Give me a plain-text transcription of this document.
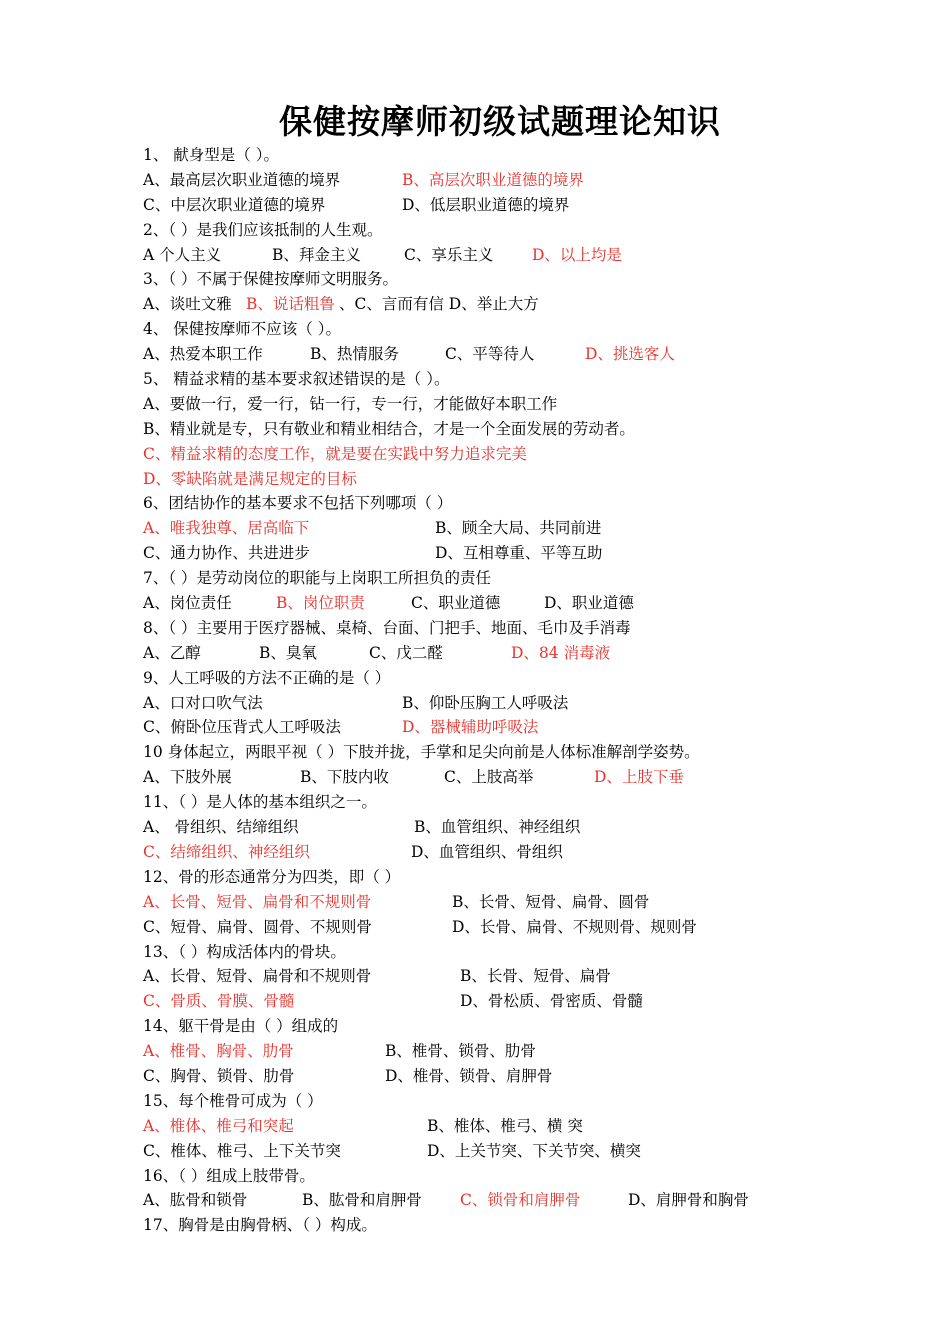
保健按摩师初级试题理论知识
1、 献身型是（ ）。
A、最高层次职业道德的境界	B、高层次职业道德的境界
C、中层次职业道德的境界	D、低层职业道德的境界
2、（ ）是我们应该抵制的人生观。
A 个人主义	B、拜金主义	C、享乐主义 D、以上均是
3、（ ）不属于保健按摩师文明服务。
A、谈吐文雅 B、说话粗鲁 、C、言而有信 D、举止大方
4、 保健按摩师不应该（ ）。
A、热爱本职工作	B、热情服务	C、平等待人	D、挑选客人
5、 精益求精的基本要求叙述错误的是（ ）。
A、要做一行，爱一行，钻一行，专一行，才能做好本职工作
B、精业就是专，只有敬业和精业相结合，才是一个全面发展的劳动者。
C、精益求精的态度工作，就是要在实践中努力追求完美
D、零缺陷就是满足规定的目标
6、团结协作的基本要求不包括下列哪项（ ）
A、唯我独尊、居高临下	B、顾全大局、共同前进
C、通力协作、共进进步	D、互相尊重、平等互助
7、（ ）是劳动岗位的职能与上岗职工所担负的责任
A、岗位责任	B、岗位职责	C、职业道德	D、职业道德
8、（ ）主要用于医疗器械、桌椅、台面、门把手、地面、毛巾及手消毒
A、乙醇	B、臭氧	C、戊二醛	D、84 消毒液
9、人工呼吸的方法不正确的是（ ）
A、口对口吹气法	B、仰卧压胸工人呼吸法
C、俯卧位压背式人工呼吸法	D、器械辅助呼吸法
10 身体起立，两眼平视（ ）下肢并拢，手掌和足尖向前是人体标准解剖学姿势。
A、下肢外展	B、下肢内收	C、上肢高举	D、上肢下垂
11、（ ）是人体的基本组织之一。
A、 骨组织、结缔组织	B、血管组织、神经组织
C、结缔组织、神经组织	D、血管组织、骨组织
12、骨的形态通常分为四类，即（ ）
A、长骨、短骨、扁骨和不规则骨	B、长骨、短骨、扁骨、圆骨
C、短骨、扁骨、圆骨、不规则骨	D、长骨、扁骨、不规则骨、规则骨
13、（ ）构成活体内的骨块。
A、长骨、短骨、扁骨和不规则骨	B、长骨、短骨、扁骨
C、骨质、骨膜、骨髓	D、骨松质、骨密质、骨髓
14、躯干骨是由（ ）组成的
A、椎骨、胸骨、肋骨	B、椎骨、锁骨、肋骨
C、胸骨、锁骨、肋骨	D、椎骨、锁骨、肩胛骨
15、每个椎骨可成为（ ）
A、椎体、椎弓和突起	B、椎体、椎弓、横 突
C、椎体、椎弓、上下关节突	D、上关节突、下关节突、横突
16、（ ）组成上肢带骨。
A、肱骨和锁骨	B、肱骨和肩胛骨 C、锁骨和肩胛骨	D、肩胛骨和胸骨
17、胸骨是由胸骨柄、（ ）构成。
